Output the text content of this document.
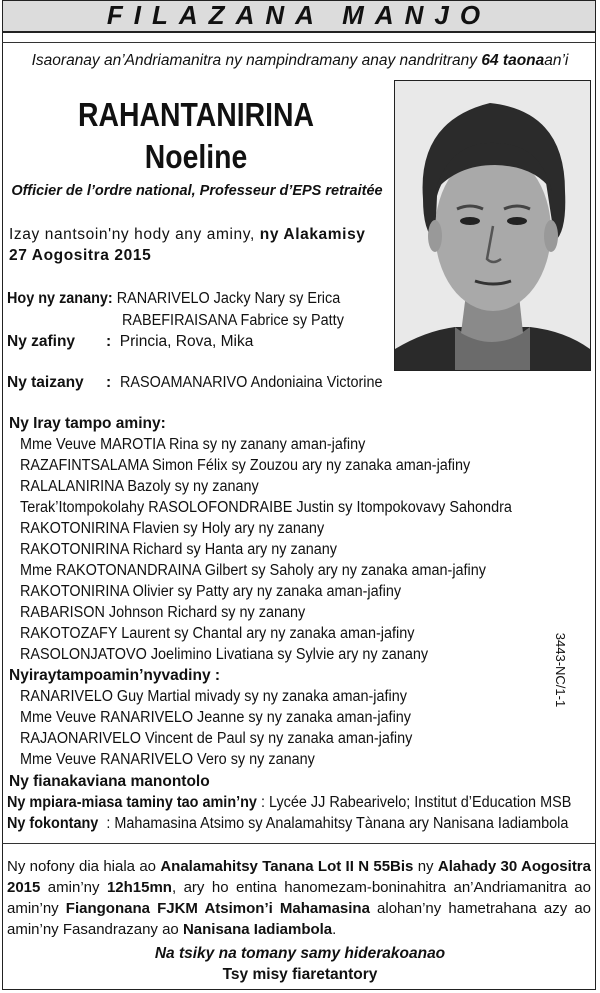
FILAZANA MANJO
Isaoranay an’Andriamanitra ny nampindramany anay nandritrany 64 taonaan’i
RAHANTANIRINA
Noeline
Officier de l’ordre national, Professeur d’EPS retraitée
Izay nantsoin'ny hody any aminy, ny Alakamisy
27 Aogositra 2015
Hoy ny zanany: RANARIVELO Jacky Nary sy Erica
RABEFIRAISANA Fabrice sy Patty
Ny zafiny : Princia, Rova, Mika
Ny taizany : RASOAMANARIVO Andoniaina Victorine
Ny Iray tampo aminy:
Mme Veuve MAROTIA Rina sy ny zanany aman-jafiny
RAZAFINTSALAMA Simon Félix sy Zouzou ary ny zanaka aman-jafiny
RALALANIRINA Bazoly sy ny zanany
Terak’Itompokolahy RASOLOFONDRAIBE Justin sy Itompokovavy Sahondra
RAKOTONIRINA Flavien sy Holy ary ny zanany
RAKOTONIRINA Richard sy Hanta ary ny zanany
Mme RAKOTONANDRAINA Gilbert sy Saholy ary ny zanaka aman-jafiny
RAKOTONIRINA Olivier sy Patty ary ny zanaka aman-jafiny
RABARISON Johnson Richard sy ny zanany
RAKOTOZAFY Laurent sy Chantal ary ny zanaka aman-jafiny
RASOLONJATOVO Joelimino Livatiana sy Sylvie ary ny zanany
Nyiraytampoamin’nyvadiny :
RANARIVELO Guy Martial mivady sy ny zanaka aman-jafiny
Mme Veuve RANARIVELO Jeanne sy ny zanaka aman-jafiny
RAJAONARIVELO Vincent de Paul sy ny zanaka aman-jafiny
Mme Veuve RANARIVELO Vero sy ny zanany
Ny fianakaviana manontolo
Ny mpiara-miasa taminy tao amin’ny : Lycée JJ Rabearivelo; Institut d’Education MSB
Ny fokontany : Mahamasina Atsimo sy Analamahitsy Tànana ary Nanisana Iadiambola
Ny nofony dia hiala ao Analamahitsy Tanana Lot II N 55Bis ny Alahady 30 Aogositra 2015 amin’ny 12h15mn, ary ho entina hanomezam-boninahitra an’Andriamanitra ao amin’ny Fiangonana FJKM Atsimon’i Mahamasina alohan’ny hametrahana azy ao amin’ny Fasandrazany ao Nanisana Iadiambola.
Na tsiky na tomany samy hiderakoanao
Tsy misy fiaretantory
3443-NC/1-1
